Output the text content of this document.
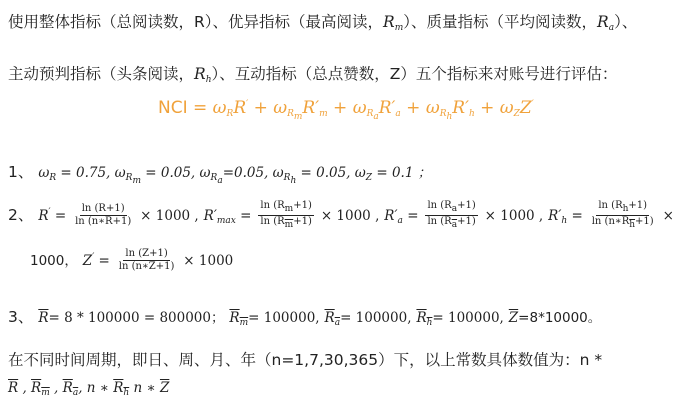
使用整体指标（总阅读数，R）、优异指标（最高阅读，$R_m$）、质量指标（平均阅读数，$R_a$）、
主动预判指标（头条阅读，$R_h$）、互动指标（总点赞数，Z）五个指标来对账号进行评估：
NCI = $\omega_RR' + \omega_{R_m}R'_m + \omega_{R_a}R'_a + \omega_{R_h}R'_h + \omega_ZZ'$
1、 $\omega_R = 0.75$, $\omega_{R_m} = 0.05$, $\omega_{R_a}=0.05$, $\omega_{R_h} = 0.05$, $\omega_Z = 0.1$ ；
2、 $R' = \frac{\ln (R+1)}{\ln (n∗\overline{R}+1)} \times 1000$ , $R'_{max} = \frac{\ln (R_m+1)}{\ln (R_m+1)} \times 1000$ , $R'_a = \frac{\ln (R_a+1)}{\ln (R_a+1)} \times 1000$ , $R'_h = \frac{\ln (R_h+1)}{\ln (n∗R_h+1)}$ ×
1000， $Z' = \frac{\ln (Z+1)}{\ln (n∗\overline{Z}+1)} \times 1000$
3、 $\overline{R}= 8 * 100000 = 800000$； $R_m= 100000$, $R_a= 100000$, $R_h= 100000$, $\overline{Z}=8*10000$。
在不同时间周期，即日、周、月、年（n=1,7,30,365）下，以上常数具体数值为：n *
$\overline{R}$ , $R_m$ , $R_a$, n ∗ $R_h$ n ∗ $\overline{Z}$
